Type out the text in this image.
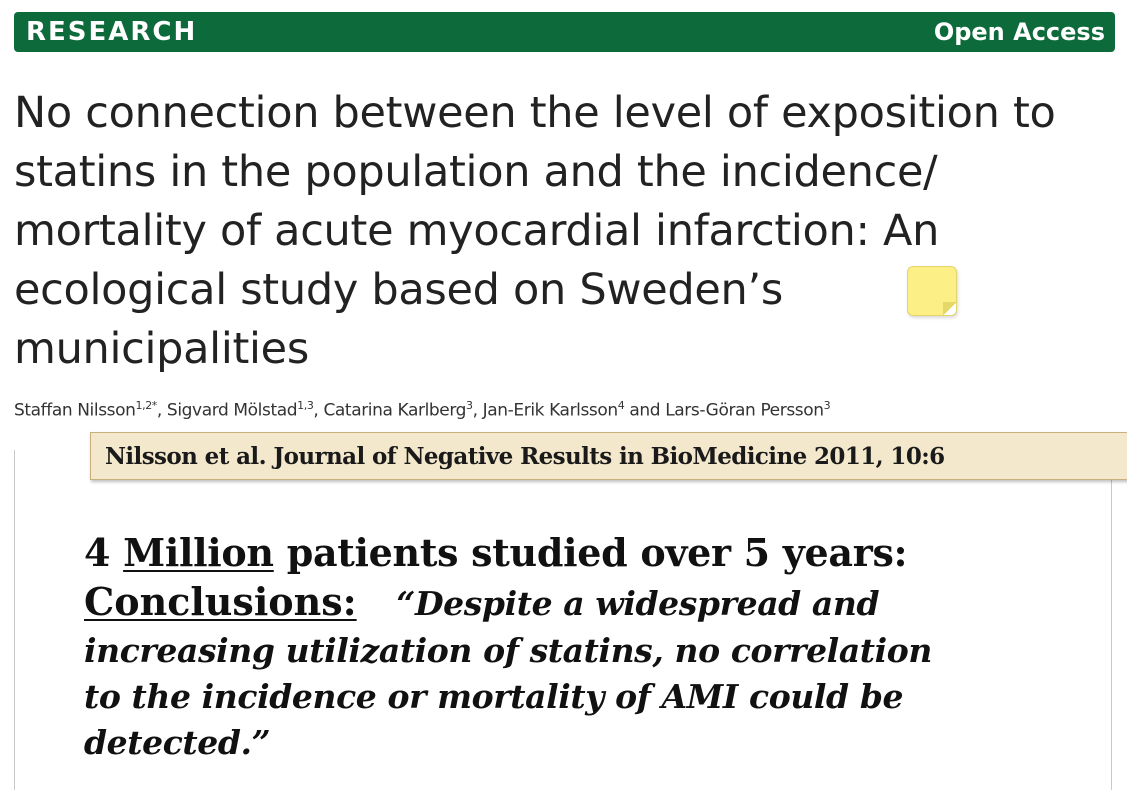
RESEARCH	Open Access
No connection between the level of exposition to
statins in the population and the incidence/
mortality of acute myocardial infarction: An
ecological study based on Sweden’s
municipalities

Staffan Nilsson$^{1,2*}$, Sigvard Mölstad$^{1,3}$, Catarina Karlberg$^3$, Jan-Erik Karlsson$^4$ and Lars-Göran Persson$^3$

Nilsson et al. Journal of Negative Results in BioMedicine 2011, 10:6
4 Million patients studied over 5 years:
Conclusions: “Despite a widespread and
increasing utilization of statins, no correlation
to the incidence or mortality of AMI could be
detected.”
